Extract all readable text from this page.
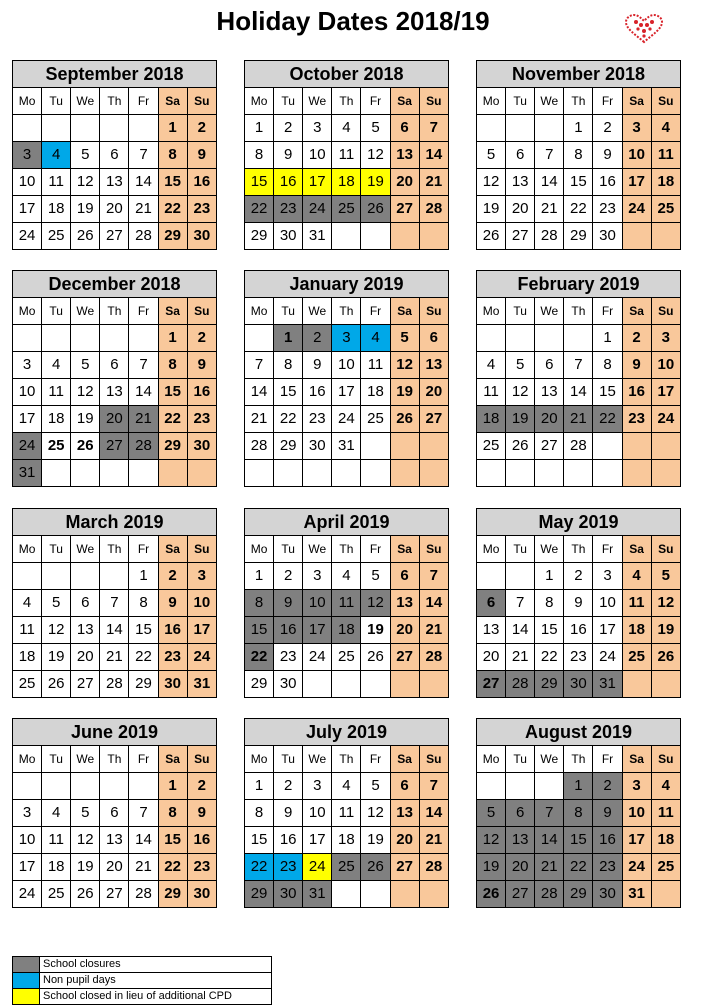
Holiday Dates 2018/19
September 2018						
Mo	Tu	We	Th	Fr	Sa	Su
					1	2
3	4	5	6	7	8	9
10	11	12	13	14	15	16
17	18	19	20	21	22	23
24	25	26	27	28	29	30
October 2018						
Mo	Tu	We	Th	Fr	Sa	Su
1	2	3	4	5	6	7
8	9	10	11	12	13	14
15	16	17	18	19	20	21
22	23	24	25	26	27	28
29	30	31				
November 2018						
Mo	Tu	We	Th	Fr	Sa	Su
			1	2	3	4
5	6	7	8	9	10	11
12	13	14	15	16	17	18
19	20	21	22	23	24	25
26	27	28	29	30		
December 2018						
Mo	Tu	We	Th	Fr	Sa	Su
					1	2
3	4	5	6	7	8	9
10	11	12	13	14	15	16
17	18	19	20	21	22	23
24	25	26	27	28	29	30
31						
January 2019						
Mo	Tu	We	Th	Fr	Sa	Su
	1	2	3	4	5	6
7	8	9	10	11	12	13
14	15	16	17	18	19	20
21	22	23	24	25	26	27
28	29	30	31			

February 2019						
Mo	Tu	We	Th	Fr	Sa	Su
				1	2	3
4	5	6	7	8	9	10
11	12	13	14	15	16	17
18	19	20	21	22	23	24
25	26	27	28			

March 2019						
Mo	Tu	We	Th	Fr	Sa	Su
				1	2	3
4	5	6	7	8	9	10
11	12	13	14	15	16	17
18	19	20	21	22	23	24
25	26	27	28	29	30	31
April 2019						
Mo	Tu	We	Th	Fr	Sa	Su
1	2	3	4	5	6	7
8	9	10	11	12	13	14
15	16	17	18	19	20	21
22	23	24	25	26	27	28
29	30					
May 2019						
Mo	Tu	We	Th	Fr	Sa	Su
		1	2	3	4	5
6	7	8	9	10	11	12
13	14	15	16	17	18	19
20	21	22	23	24	25	26
27	28	29	30	31		
June 2019						
Mo	Tu	We	Th	Fr	Sa	Su
					1	2
3	4	5	6	7	8	9
10	11	12	13	14	15	16
17	18	19	20	21	22	23
24	25	26	27	28	29	30
July 2019						
Mo	Tu	We	Th	Fr	Sa	Su
1	2	3	4	5	6	7
8	9	10	11	12	13	14
15	16	17	18	19	20	21
22	23	24	25	26	27	28
29	30	31				
August 2019						
Mo	Tu	We	Th	Fr	Sa	Su
			1	2	3	4
5	6	7	8	9	10	11
12	13	14	15	16	17	18
19	20	21	22	23	24	25
26	27	28	29	30	31	
	School closures
	Non pupil days
	School closed in lieu of additional CPD
